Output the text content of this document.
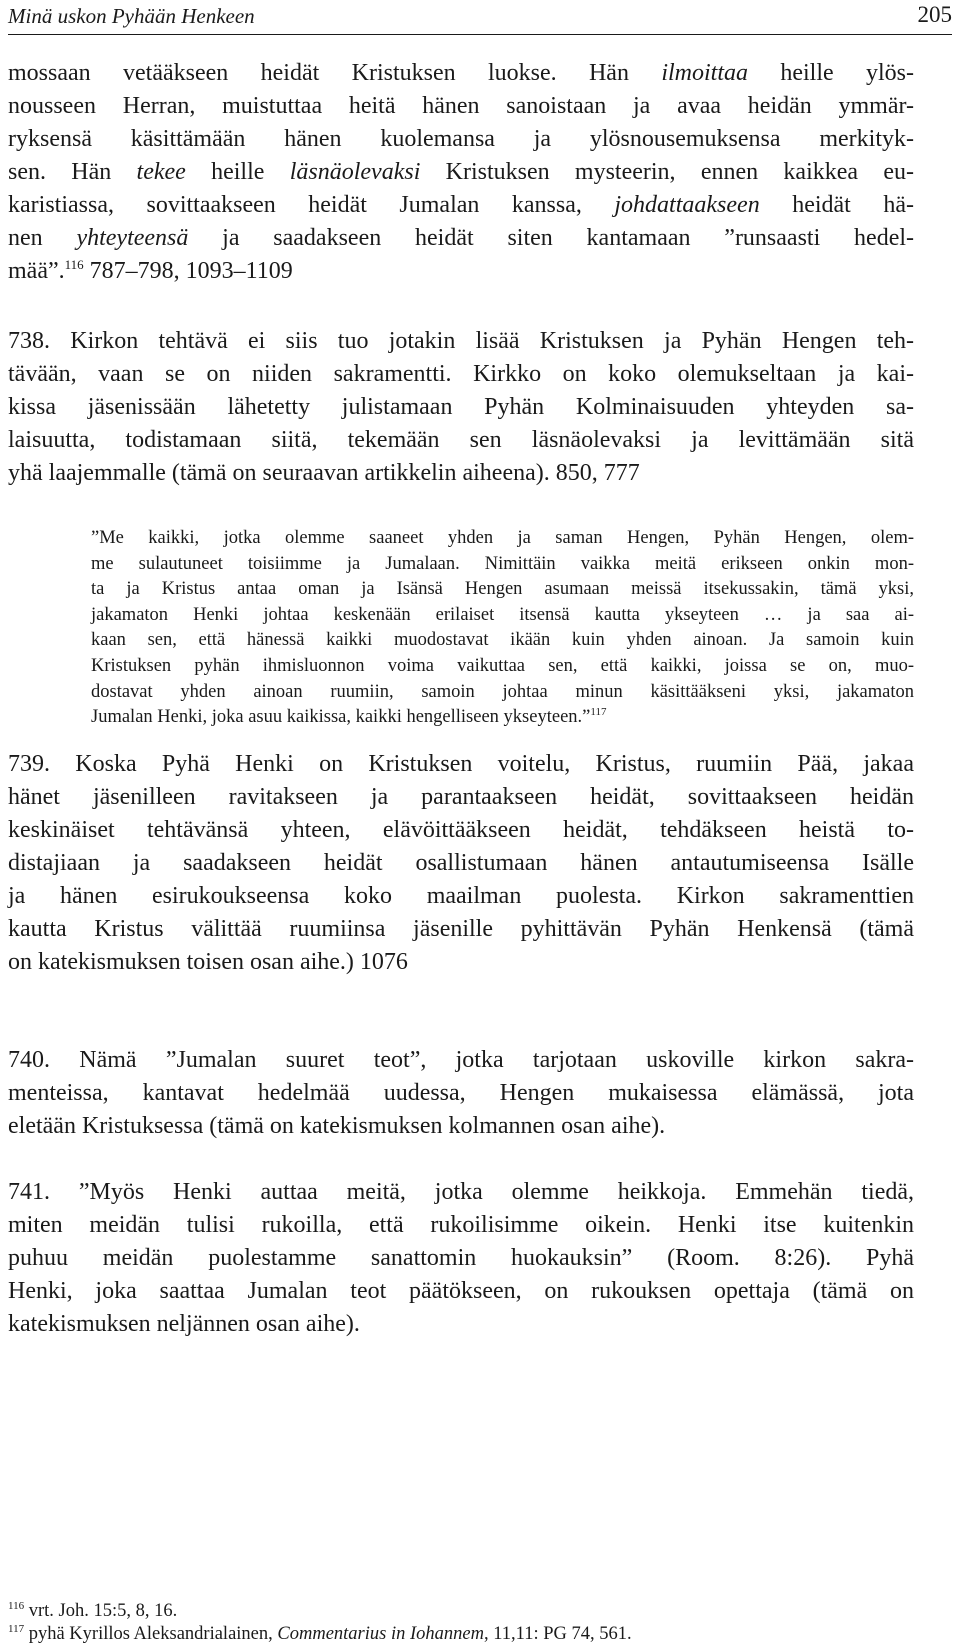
Minä uskon Pyhään Henkeen	205
mossaan vetääkseen heidät Kristuksen luokse. Hän ilmoittaa heille ylös-
nousseen Herran, muistuttaa heitä hänen sanoistaan ja avaa heidän ymmär-
ryksensä käsittämään hänen kuolemansa ja ylösnousemuksensa merkityk-
sen. Hän tekee heille läsnäolevaksi Kristuksen mysteerin, ennen kaikkea eu-
karistiassa, sovittaakseen heidät Jumalan kanssa, johdattaakseen heidät hä-
nen yhteyteensä ja saadakseen heidät siten kantamaan ”runsaasti hedel-
mää”.$^{116}$ 787–798, 1093–1109
738. Kirkon tehtävä ei siis tuo jotakin lisää Kristuksen ja Pyhän Hengen teh-
tävään, vaan se on niiden sakramentti. Kirkko on koko olemukseltaan ja kai-
kissa jäsenissään lähetetty julistamaan Pyhän Kolminaisuuden yhteyden sa-
laisuutta, todistamaan siitä, tekemään sen läsnäolevaksi ja levittämään sitä
yhä laajemmalle (tämä on seuraavan artikkelin aiheena). 850, 777
”Me kaikki, jotka olemme saaneet yhden ja saman Hengen, Pyhän Hengen, olem-
me sulautuneet toisiimme ja Jumalaan. Nimittäin vaikka meitä erikseen onkin mon-
ta ja Kristus antaa oman ja Isänsä Hengen asumaan meissä itsekussakin, tämä yksi,
jakamaton Henki johtaa keskenään erilaiset itsensä kautta ykseyteen … ja saa ai-
kaan sen, että hänessä kaikki muodostavat ikään kuin yhden ainoan. Ja samoin kuin
Kristuksen pyhän ihmisluonnon voima vaikuttaa sen, että kaikki, joissa se on, muo-
dostavat yhden ainoan ruumiin, samoin johtaa minun käsittääkseni yksi, jakamaton
Jumalan Henki, joka asuu kaikissa, kaikki hengelliseen ykseyteen.”$^{117}$
739. Koska Pyhä Henki on Kristuksen voitelu, Kristus, ruumiin Pää, jakaa
hänet jäsenilleen ravitakseen ja parantaakseen heidät, sovittaakseen heidän
keskinäiset tehtävänsä yhteen, elävöittääkseen heidät, tehdäkseen heistä to-
distajiaan ja saadakseen heidät osallistumaan hänen antautumiseensa Isälle
ja hänen esirukoukseensa koko maailman puolesta. Kirkon sakramenttien
kautta Kristus välittää ruumiinsa jäsenille pyhittävän Pyhän Henkensä (tämä
on katekismuksen toisen osan aihe.) 1076
740. Nämä ”Jumalan suuret teot”, jotka tarjotaan uskoville kirkon sakra-
menteissa, kantavat hedelmää uudessa, Hengen mukaisessa elämässä, jota
eletään Kristuksessa (tämä on katekismuksen kolmannen osan aihe).
741. ”Myös Henki auttaa meitä, jotka olemme heikkoja. Emmehän tiedä,
miten meidän tulisi rukoilla, että rukoilisimme oikein. Henki itse kuitenkin
puhuu meidän puolestamme sanattomin huokauksin” (Room. 8:26). Pyhä
Henki, joka saattaa Jumalan teot päätökseen, on rukouksen opettaja (tämä on
katekismuksen neljännen osan aihe).
$^{116}$ vrt. Joh. 15:5, 8, 16.
$^{117}$ pyhä Kyrillos Aleksandrialainen, Commentarius in Iohannem, 11,11: PG 74, 561.
